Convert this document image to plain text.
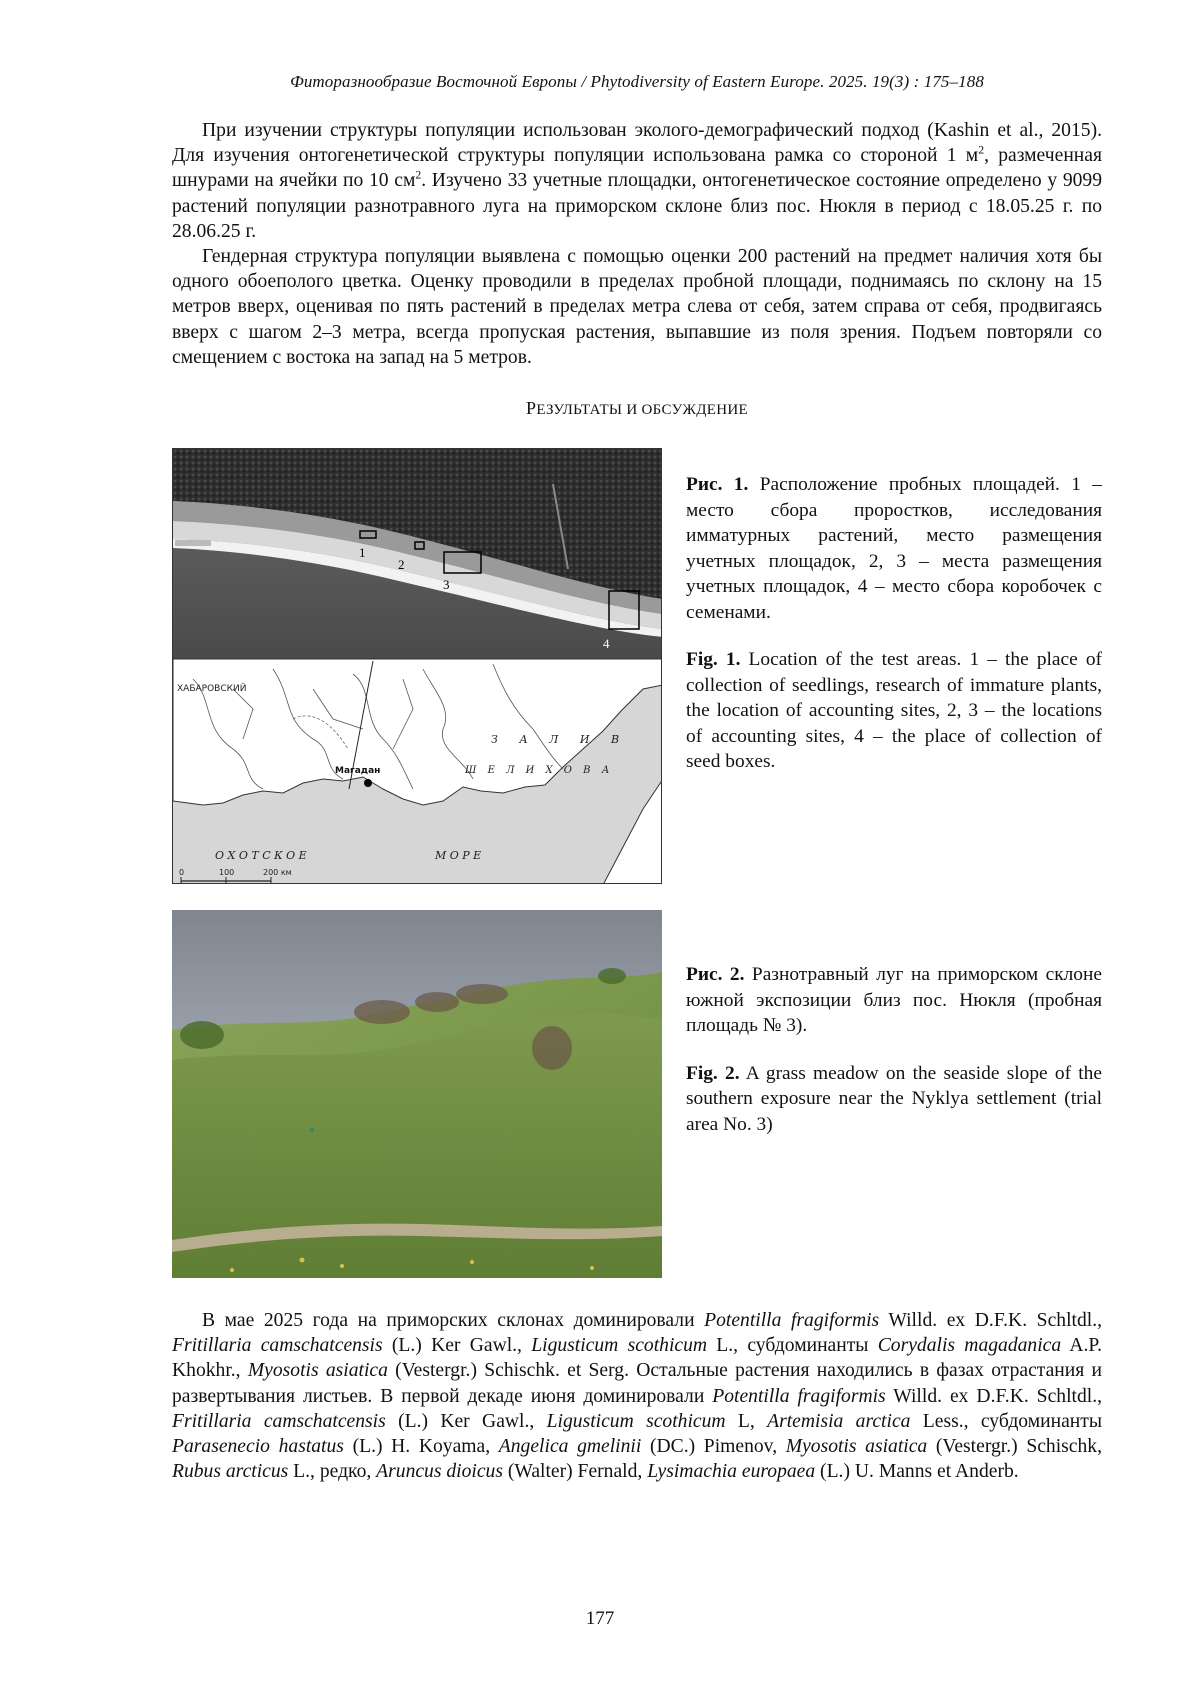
Фиторазнообразие Восточной Европы / Phytodiversity of Eastern Europe. 2025. 19(3) : 175–188

При изучении структуры популяции использован эколого-демографический подход (Kashin et al., 2015). Для изучения онтогенетической структуры популяции использована рамка со стороной 1 м2, размеченная шнурами на ячейки по 10 см2. Изучено 33 учетные площадки, онтогенетическое состояние определено у 9099 растений популяции разнотравного луга на приморском склоне близ пос. Нюкля в период с 18.05.25 г. по 28.06.25 г.

Гендерная структура популяции выявлена с помощью оценки 200 растений на предмет наличия хотя бы одного обоеполого цветка. Оценку проводили в пределах пробной площади, поднимаясь по склону на 15 метров вверх, оценивая по пять растений в пределах метра слева от себя, затем справа от себя, продвигаясь вверх с шагом 2–3 метра, всегда пропуская растения, выпавшие из поля зрения. Подъем повторяли со смещением с востока на запад на 5 метров.

РЕЗУЛЬТАТЫ И ОБСУЖДЕНИЕ
1
2
3
4
ХАБАРОВСКИЙ
Магадан
З А Л И В
Ш Е Л И Х О В А
О Х О Т С К О Е	М О Р Е
0	100	200 км

Рис. 1. Расположение пробных площадей. 1 – место сбора проростков, исследования иммaтурных растений, место размещения учетных площадок, 2, 3 – места размещения учетных площадок, 4 – место сбора коробочек с семенами.

Fig. 1. Location of the test areas. 1 – the place of collection of seedlings, research of immature plants, the location of accounting sites, 2, 3 – the locations of accounting sites, 4 – the place of collection of seed boxes.

Рис. 2. Разнотравный луг на приморском склоне южной экспозиции близ пос. Нюкля (пробная площадь № 3).

Fig. 2. A grass meadow on the seaside slope of the southern exposure near the Nyklya settlement (trial area No. 3)

В мае 2025 года на приморских склонах доминировали Potentilla fragiformis Willd. ex D.F.K. Schltdl., Fritillaria camschatcensis (L.) Ker Gawl., Ligusticum scothicum L., субдоминанты Corydalis magadanica A.P. Khokhr., Myosotis asiatica (Vestergr.) Schischk. et Serg. Остальные растения находились в фазах отрастания и развертывания листьев. В первой декаде июня доминировали Potentilla fragiformis Willd. ex D.F.K. Schltdl., Fritillaria camschatcensis (L.) Ker Gawl., Ligusticum scothicum L, Artemisia arctica Less., субдоминанты Parasenecio hastatus (L.) H. Koyama, Angelica gmelinii (DC.) Pimenov, Myosotis asiatica (Vestergr.) Schischk, Rubus arcticus L., редко, Aruncus dioicus (Walter) Fernald, Lysimachia europaea (L.) U. Manns et Anderb.

177
